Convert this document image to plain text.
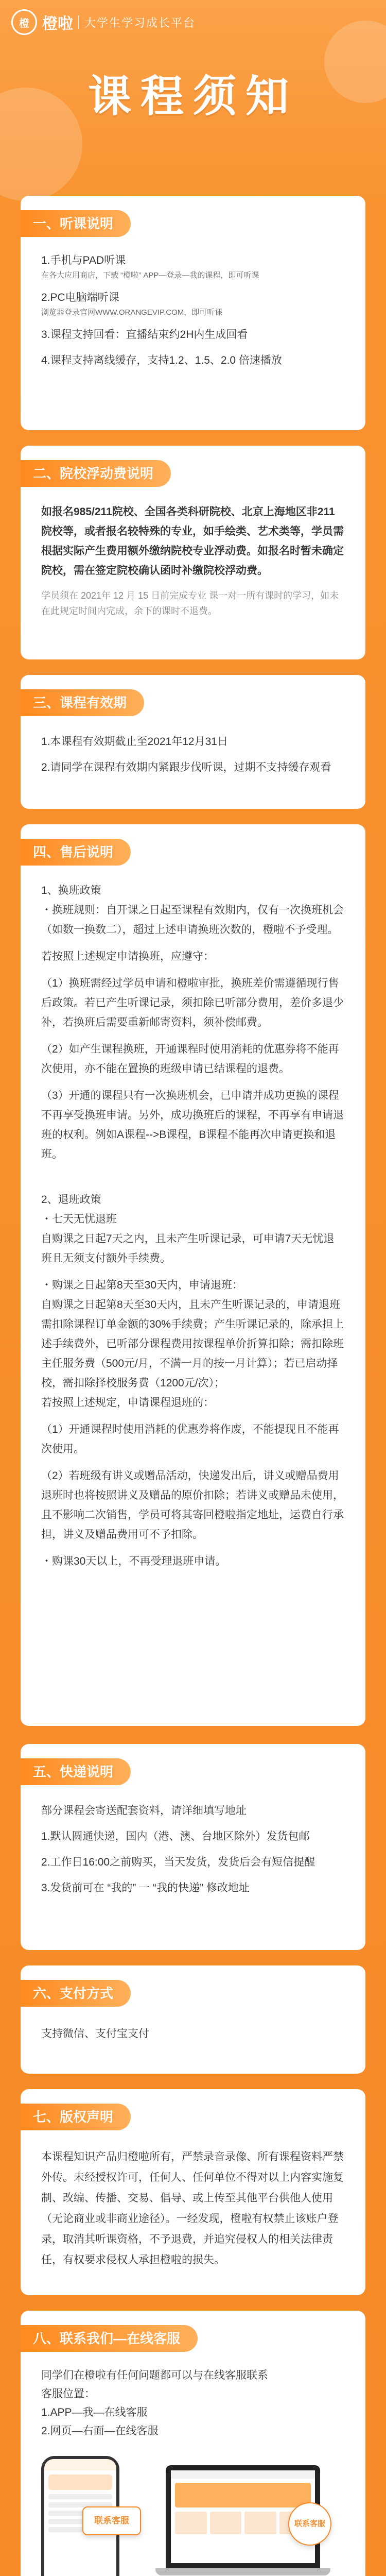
橙 橙啦 大学生学习成长平台
课程须知
一、听课说明

1.手机与PAD听课

在各大应用商店，下载 “橙啦” APP—登录—我的课程，即可听课

2.PC电脑端听课

浏览器登录官网WWW.ORANGEVIP.COM，即可听课

3.课程支持回看：直播结束约2H内生成回看

4.课程支持离线缓存，支持1.2、1.5、2.0 倍速播放

二、院校浮动费说明

如报名985/211院校、全国各类科研院校、北京上海地区非211院校等，或者报名较特殊的专业，如手绘类、艺术类等，学员需根据实际产生费用额外缴纳院校专业浮动费。如报名时暂未确定院校，需在签定院校确认函时补缴院校浮动费。

学员须在 2021年 12 月 15 日前完成专业 课一对一所有课时的学习，如未在此规定时间内完成，余下的课时不退费。

三、课程有效期

1.本课程有效期截止至2021年12月31日

2.请同学在课程有效期内紧跟步伐听课，过期不支持缓存观看

四、售后说明

1、换班政策

・换班规则：自开课之日起至课程有效期内，仅有一次换班机会（如数一换数二），超过上述申请换班次数的，橙啦不予受理。

若按照上述规定申请换班，应遵守：

（1）换班需经过学员申请和橙啦审批，换班差价需遵循现行售后政策。若已产生听课记录，须扣除已听部分费用，差价多退少补，若换班后需要重新邮寄资料，须补偿邮费。

（2）如产生课程换班，开通课程时使用消耗的优惠券将不能再次使用，亦不能在置换的班级申请已结课程的退费。

（3）开通的课程只有一次换班机会，已申请并成功更换的课程不再享受换班申请。另外，成功换班后的课程，不再享有申请退班的权利。例如A课程-->B课程，B课程不能再次申请更换和退班。

2、退班政策

・七天无忧退班

自购课之日起7天之内，且未产生听课记录，可申请7天无忧退班且无须支付额外手续费。

・购课之日起第8天至30天内，申请退班：

自购课之日起第8天至30天内，且未产生听课记录的，申请退班需扣除课程订单金额的30%手续费；产生听课记录的，除承担上述手续费外，已听部分课程费用按课程单价折算扣除；需扣除班主任服务费（500元/月，不满一月的按一月计算）；若已启动择校，需扣除择校服务费（1200元/次）；

若按照上述规定，申请课程退班的：

（1）开通课程时使用消耗的优惠券将作废，不能提现且不能再次使用。

（2）若班级有讲义或赠品活动，快递发出后，讲义或赠品费用退班时也将按照讲义及赠品的原价扣除；若讲义或赠品未使用，且不影响二次销售，学员可将其寄回橙啦指定地址，运费自行承担，讲义及赠品费用可不予扣除。

・购课30天以上，不再受理退班申请。

五、快递说明

部分课程会寄送配套资料，请详细填写地址

1.默认圆通快递，国内（港、澳、台地区除外）发货包邮

2.工作日16:00之前购买，当天发货，发货后会有短信提醒

3.发货前可在 “我的” 一 “我的快递” 修改地址

六、支付方式

支持微信、支付宝支付

七、版权声明

本课程知识产品归橙啦所有，严禁录音录像、所有课程资料严禁外传。未经授权许可，任何人、任何单位不得对以上内容实施复制、改编、传播、交易、倡导、或上传至其他平台供他人使用（无论商业或非商业途径）。一经发现，橙啦有权禁止该账户登录，取消其听课资格，不予退费，并追究侵权人的相关法律责任，有权要求侵权人承担橙啦的损失。

八、联系我们—在线客服

同学们在橙啦有任何问题都可以与在线客服联系

客服位置：

1.APP—我—在线客服

2.网页—右面—在线客服

联系客服	联系客服
